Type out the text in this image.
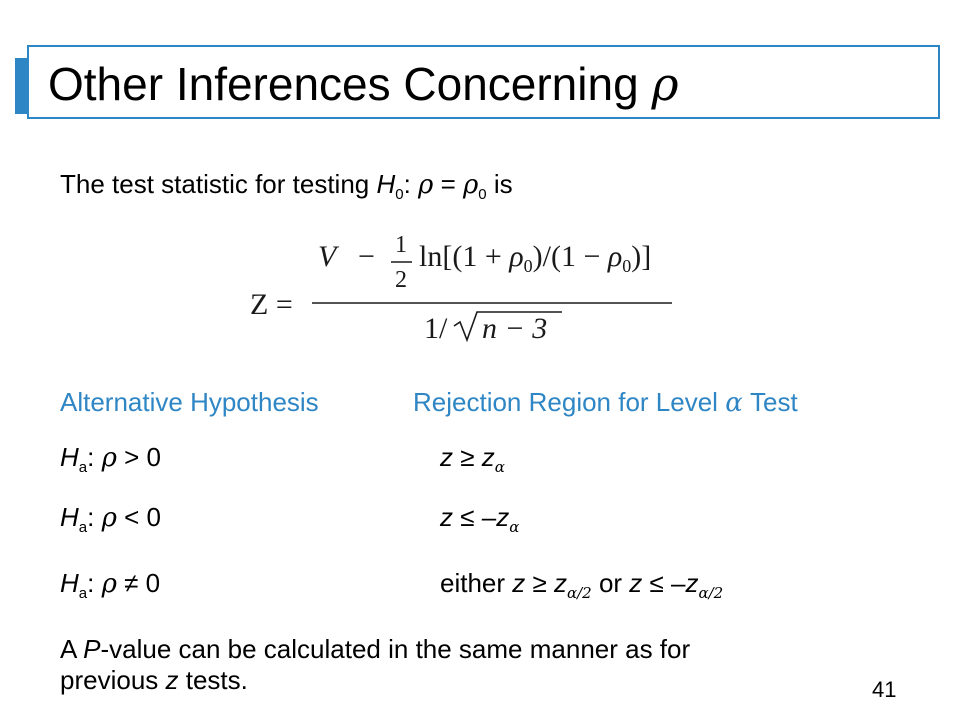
Other Inferences Concerning ρ
The test statistic for testing $H_0$: $\rho = \rho_0$ is
Z =
V − 1
2
$\ln[(1 + \rho_0)/(1 - \rho_0)]$
1/ n − 3
Alternative Hypothesis	Rejection Region for Level α Test
$H_a$: ρ > 0	$z \ge z_\alpha$
$H_a$: ρ < 0	$z \le -z_\alpha$
$H_a$: ρ ≠ 0	either $z \ge z_{\alpha/2}$ or $z \le -z_{\alpha/2}$
A P-value can be calculated in the same manner as for
previous z tests.	41
